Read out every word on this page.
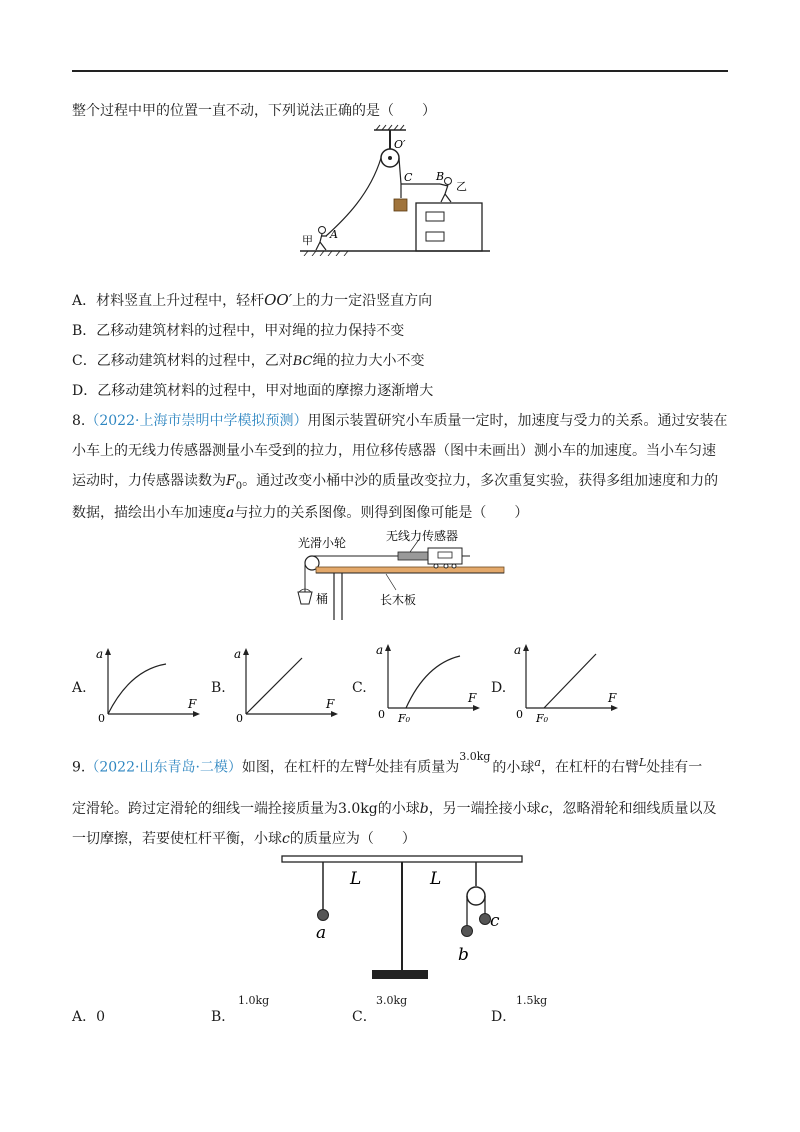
整个过程中甲的位置一直不动，下列说法正确的是（　　）
O′
C B
乙
甲 A
A．材料竖直上升过程中，轻杆OO′上的力一定沿竖直方向
B．乙移动建筑材料的过程中，甲对绳的拉力保持不变
C．乙移动建筑材料的过程中，乙对BC绳的拉力大小不变
D．乙移动建筑材料的过程中，甲对地面的摩擦力逐渐增大
8.（2022·上海市崇明中学模拟预测）用图示装置研究小车质量一定时，加速度与受力的关系。通过安装在
小车上的无线力传感器测量小车受到的拉力，用位移传感器（图中未画出）测小车的加速度。当小车匀速
运动时，力传感器读数为$F_0$。通过改变小桶中沙的质量改变拉力，多次重复实验，获得多组加速度和力的
数据，描绘出小车加速度a与拉力的关系图像。则得到图像可能是（　　）
光滑小轮	无线力传感器
桶	长木板
A.
a
F
0
B.
a
F
0
C.
a
F
0 F₀
D.
a
F
0 F₀
9.（2022·山东青岛·二模）如图，在杠杆的左臂$^L$处挂有质量为$^{3.0kg}$的小球$^a$，在杠杆的右臂$^L$处挂有一
定滑轮。跨过定滑轮的细线一端拴接质量为3.0kg的小球b，另一端拴接小球c，忽略滑轮和细线质量以及
一切摩擦，若要使杠杆平衡，小球c的质量应为（　　）
a
L	L
c
b
A．0	B．
1.0kg
C．
3.0kg
D．
1.5kg
